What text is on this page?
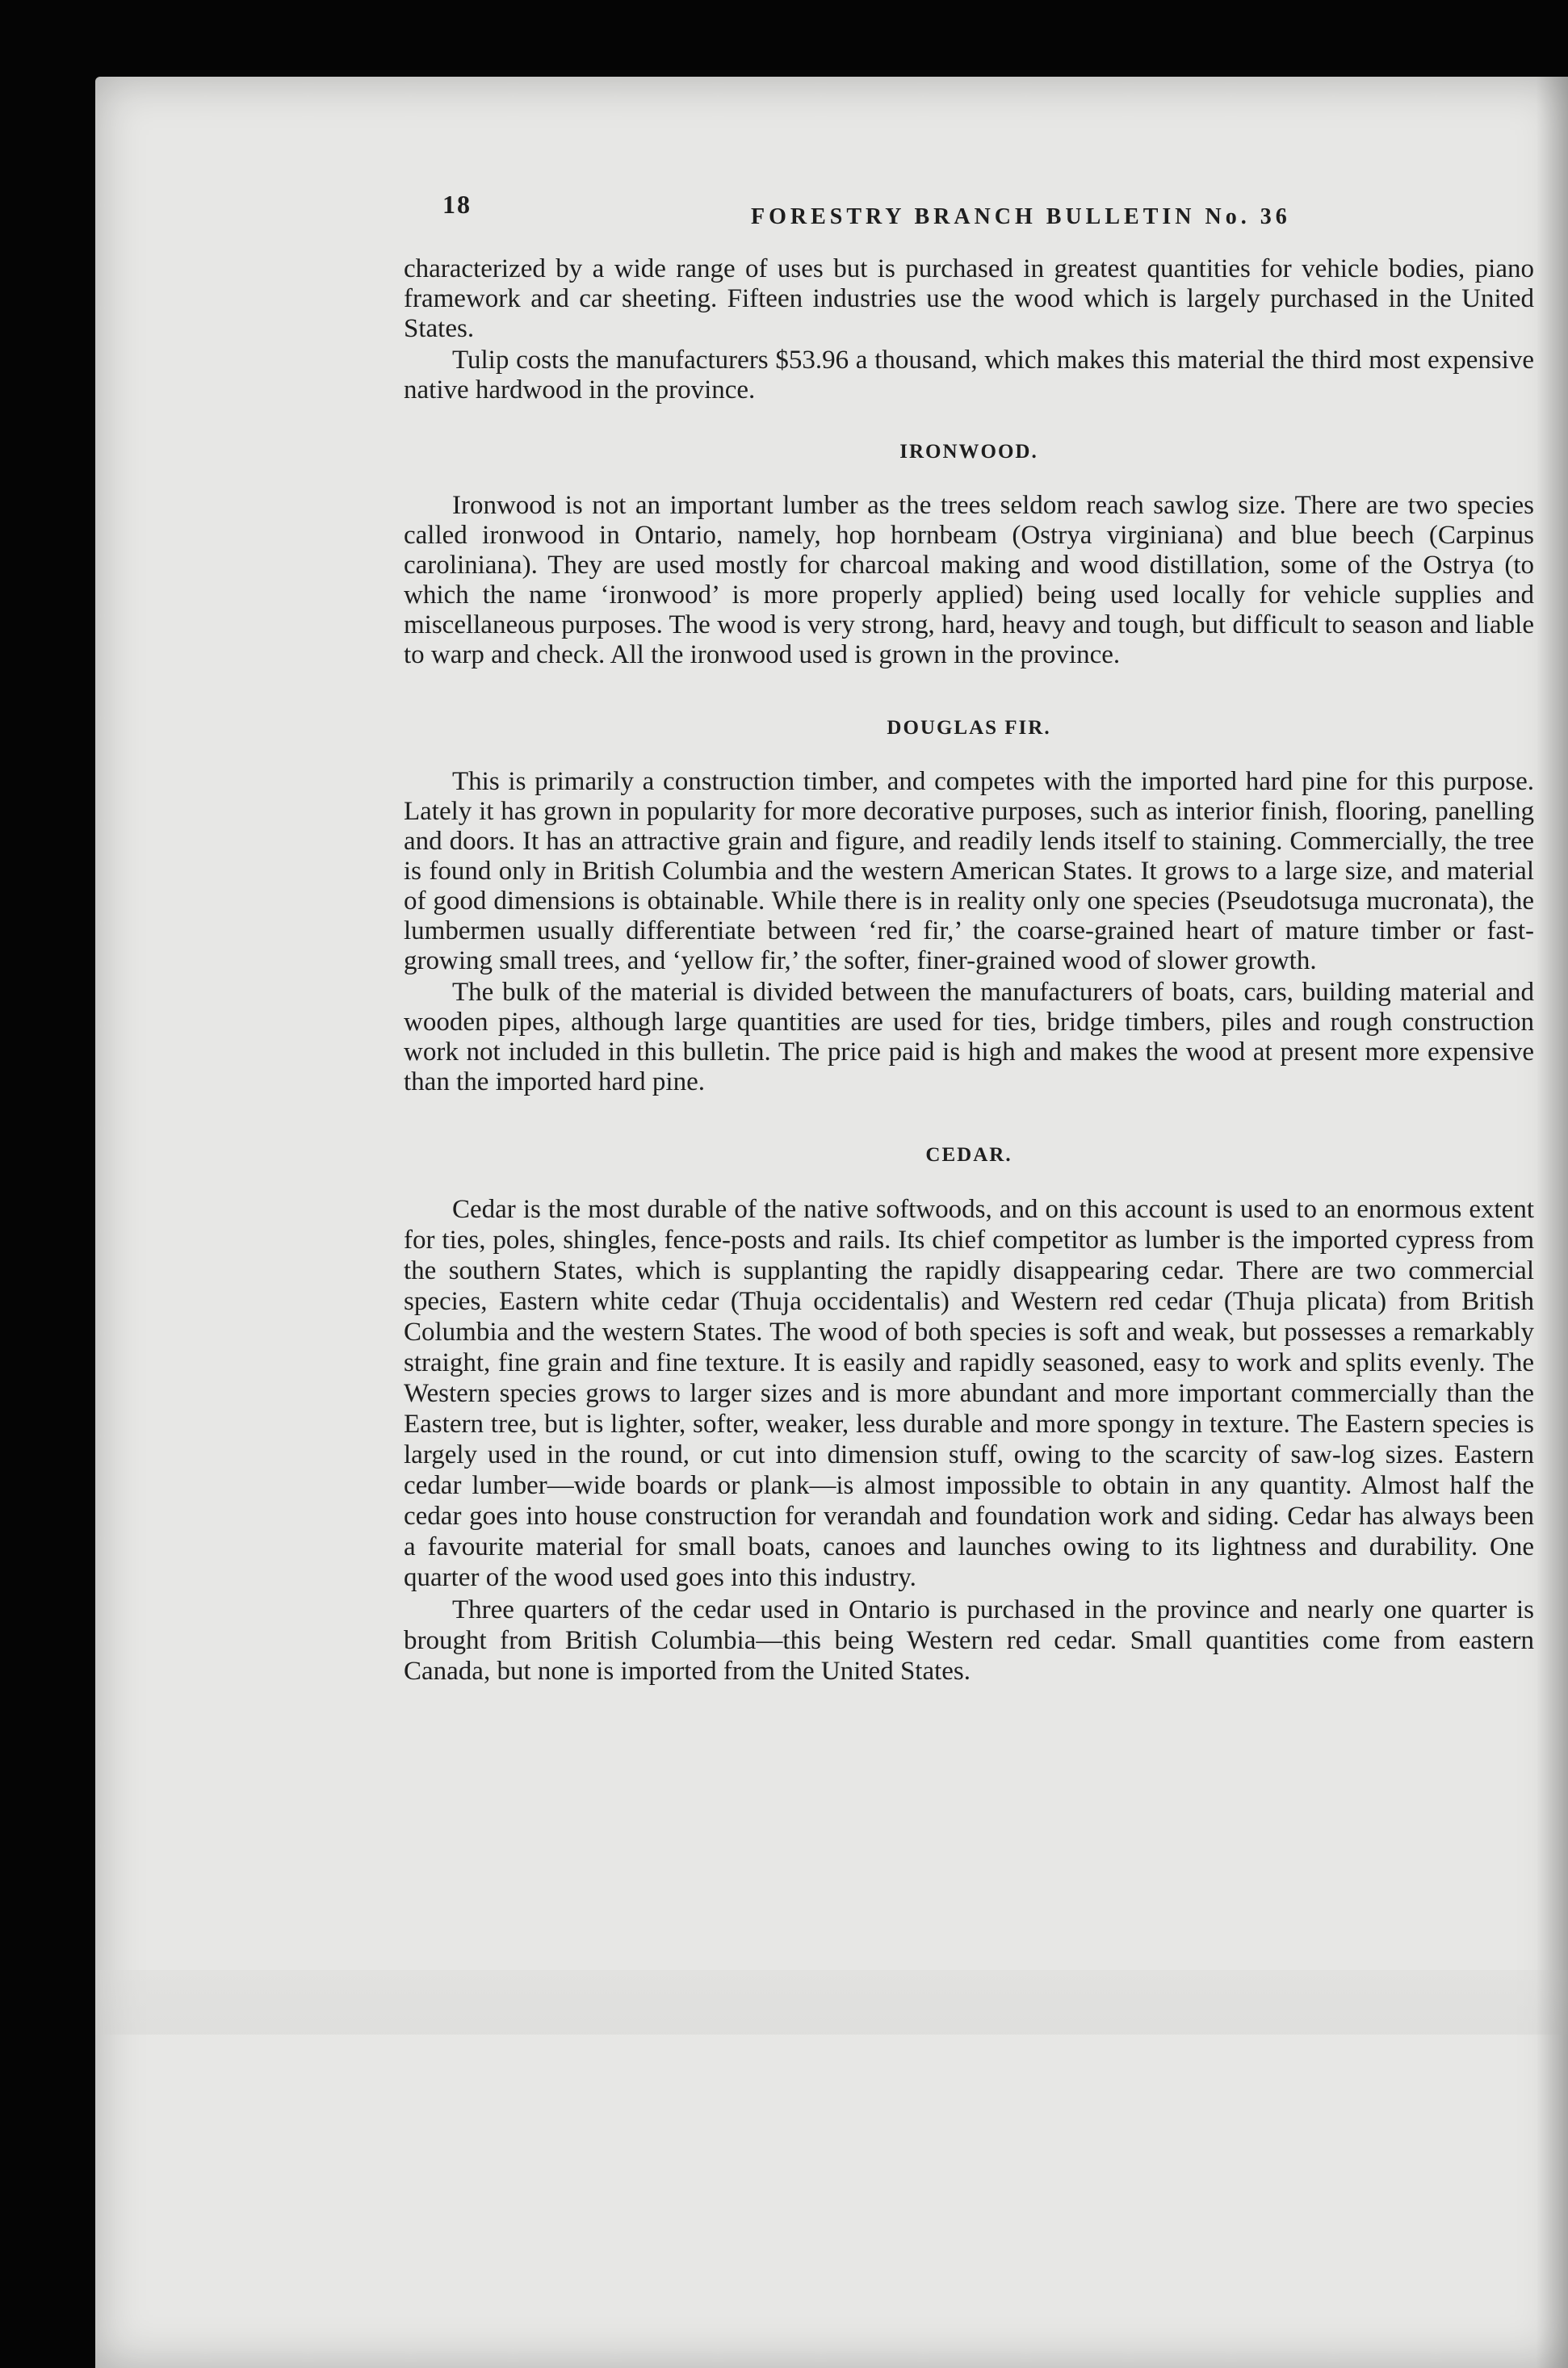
18	FORESTRY BRANCH BULLETIN No. 36

characterized by a wide range of uses but is purchased in greatest quantities for vehicle bodies, piano framework and car sheeting. Fifteen industries use the wood which is largely purchased in the United States.

Tulip costs the manufacturers $53.96 a thousand, which makes this material the third most expensive native hardwood in the province.

IRONWOOD.

Ironwood is not an important lumber as the trees seldom reach sawlog size. There are two species called ironwood in Ontario, namely, hop hornbeam (Ostrya virginiana) and blue beech (Carpinus caroliniana). They are used mostly for charcoal making and wood distillation, some of the Ostrya (to which the name ‘ironwood’ is more properly applied) being used locally for vehicle supplies and miscellaneous purposes. The wood is very strong, hard, heavy and tough, but difficult to season and liable to warp and check. All the ironwood used is grown in the province.

DOUGLAS FIR.

This is primarily a construction timber, and competes with the imported hard pine for this purpose. Lately it has grown in popularity for more decorative purposes, such as interior finish, flooring, panelling and doors. It has an attractive grain and figure, and readily lends itself to staining. Commercially, the tree is found only in British Columbia and the western American States. It grows to a large size, and material of good dimensions is obtainable. While there is in reality only one species (Pseudotsuga mucronata), the lumbermen usually differentiate between ‘red fir,’ the coarse-grained heart of mature timber or fast-growing small trees, and ‘yellow fir,’ the softer, finer-grained wood of slower growth.

The bulk of the material is divided between the manufacturers of boats, cars, building material and wooden pipes, although large quantities are used for ties, bridge timbers, piles and rough construction work not included in this bulletin. The price paid is high and makes the wood at present more expensive than the imported hard pine.

CEDAR.

Cedar is the most durable of the native softwoods, and on this account is used to an enormous extent for ties, poles, shingles, fence-posts and rails. Its chief competitor as lumber is the imported cypress from the southern States, which is supplanting the rapidly disappearing cedar. There are two commercial species, Eastern white cedar (Thuja occidentalis) and Western red cedar (Thuja plicata) from British Columbia and the western States. The wood of both species is soft and weak, but possesses a remarkably straight, fine grain and fine texture. It is easily and rapidly seasoned, easy to work and splits evenly. The Western species grows to larger sizes and is more abundant and more important commercially than the Eastern tree, but is lighter, softer, weaker, less durable and more spongy in texture. The Eastern species is largely used in the round, or cut into dimension stuff, owing to the scarcity of saw-log sizes. Eastern cedar lumber—wide boards or plank—is almost impossible to obtain in any quantity. Almost half the cedar goes into house construction for verandah and foundation work and siding. Cedar has always been a favourite material for small boats, canoes and launches owing to its lightness and durability. One quarter of the wood used goes into this industry.

Three quarters of the cedar used in Ontario is purchased in the province and nearly one quarter is brought from British Columbia—this being Western red cedar. Small quantities come from eastern Canada, but none is imported from the United States.
